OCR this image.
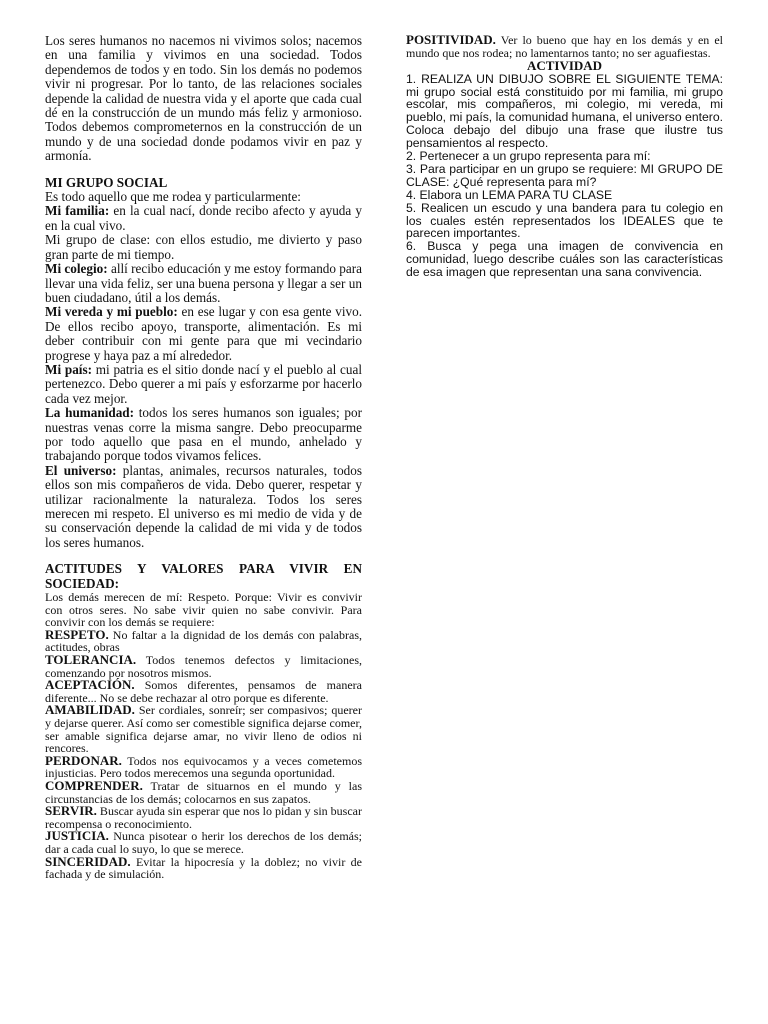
Los seres humanos no nacemos ni vivimos solos; nacemos en una familia y vivimos en una sociedad. Todos dependemos de todos y en todo. Sin los demás no podemos vivir ni progresar. Por lo tanto, de las relaciones sociales depende la calidad de nuestra vida y el aporte que cada cual dé en la construcción de un mundo más feliz y armonioso. Todos debemos comprometernos en la construcción de un mundo y de una sociedad donde podamos vivir en paz y armonía.

MI GRUPO SOCIAL

Es todo aquello que me rodea y particularmente:

Mi familia: en la cual nací, donde recibo afecto y ayuda y en la cual vivo.

Mi grupo de clase: con ellos estudio, me divierto y paso gran parte de mi tiempo.

Mi colegio: allí recibo educación y me estoy formando para llevar una vida feliz, ser una buena persona y llegar a ser un buen ciudadano, útil a los demás.

Mi vereda y mi pueblo: en ese lugar y con esa gente vivo. De ellos recibo apoyo, transporte, alimentación. Es mi deber contribuir con mi gente para que mi vecindario progrese y haya paz a mí alrededor.

Mi país: mi patria es el sitio donde nací y el pueblo al cual pertenezco. Debo querer a mi país y esforzarme por hacerlo cada vez mejor.

La humanidad: todos los seres humanos son iguales; por nuestras venas corre la misma sangre. Debo preocuparme por todo aquello que pasa en el mundo, anhelado y trabajando porque todos vivamos felices.

El universo: plantas, animales, recursos naturales, todos ellos son mis compañeros de vida. Debo querer, respetar y utilizar racionalmente la naturaleza. Todos los seres merecen mi respeto. El universo es mi medio de vida y de su conservación depende la calidad de mi vida y de todos los seres humanos.

ACTITUDES Y VALORES PARA VIVIR EN SOCIEDAD:

Los demás merecen de mí: Respeto. Porque: Vivir es convivir con otros seres. No sabe vivir quien no sabe convivir. Para convivir con los demás se requiere:

RESPETO. No faltar a la dignidad de los demás con palabras, actitudes, obras

TOLERANCIA. Todos tenemos defectos y limitaciones, comenzando por nosotros mismos.

ACEPTACIÓN. Somos diferentes, pensamos de manera diferente... No se debe rechazar al otro porque es diferente.

AMABILIDAD. Ser cordiales, sonreír; ser compasivos; querer y dejarse querer. Así como ser comestible significa dejarse comer, ser amable significa dejarse amar, no vivir lleno de odios ni rencores.

PERDONAR. Todos nos equivocamos y a veces cometemos injusticias. Pero todos merecemos una segunda oportunidad.

COMPRENDER. Tratar de situarnos en el mundo y las circunstancias de los demás; colocarnos en sus zapatos.

SERVIR. Buscar ayuda sin esperar que nos lo pidan y sin buscar recompensa o reconocimiento.

JUSTICIA. Nunca pisotear o herir los derechos de los demás; dar a cada cual lo suyo, lo que se merece.

SINCERIDAD. Evitar la hipocresía y la doblez; no vivir de fachada y de simulación.

POSITIVIDAD. Ver lo bueno que hay en los demás y en el mundo que nos rodea; no lamentarnos tanto; no ser aguafiestas.

ACTIVIDAD

1. REALIZA UN DIBUJO SOBRE EL SIGUIENTE TEMA: mi grupo social está constituido por mi familia, mi grupo escolar, mis compañeros, mi colegio, mi vereda, mi pueblo, mi país, la comunidad humana, el universo entero. Coloca debajo del dibujo una frase que ilustre tus pensamientos al respecto.

2. Pertenecer a un grupo representa para mí:

3. Para participar en un grupo se requiere: MI GRUPO DE CLASE: ¿Qué representa para mí?

4. Elabora un LEMA PARA TU CLASE

5. Realicen un escudo y una bandera para tu colegio en los cuales estén representados los IDEALES que te parecen importantes.

6. Busca y pega una imagen de convivencia en comunidad, luego describe cuáles son las características de esa imagen que representan una sana convivencia.
